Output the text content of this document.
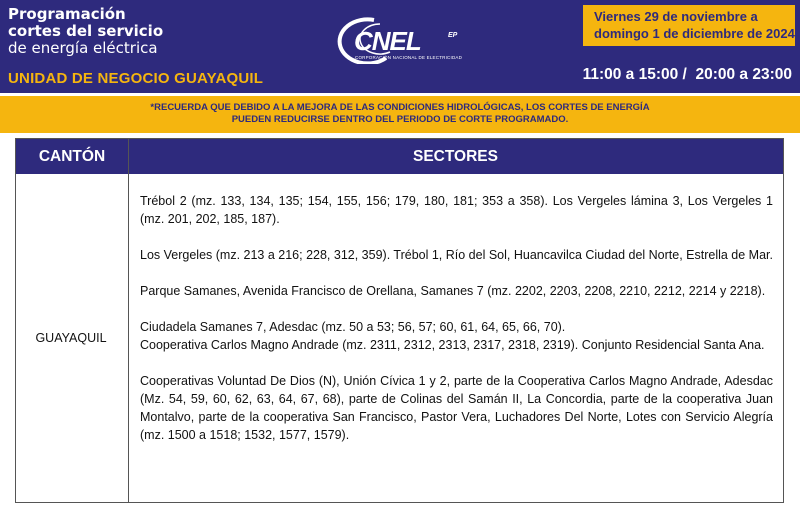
Programación
cortes del servicio
de energía eléctrica
UNIDAD DE NEGOCIO GUAYAQUIL
CNEL	EP
CORPORACIÓN NACIONAL DE ELECTRICIDAD
Viernes 29 de noviembre a
domingo 1 de diciembre de 2024
11:00 a 15:00 /  20:00 a 23:00
*RECUERDA QUE DEBIDO A LA MEJORA DE LAS CONDICIONES HIDROLÓGICAS, LOS CORTES DE ENERGÍA
PUEDEN REDUCIRSE DENTRO DEL PERIODO DE CORTE PROGRAMADO.
CANTÓN	SECTORES
GUAYAQUIL

Trébol 2 (mz. 133, 134, 135; 154, 155, 156; 179, 180, 181; 353 a 358). Los Vergeles lámina 3, Los Vergeles 1 (mz. 201, 202, 185, 187).

Los Vergeles (mz. 213 a 216; 228, 312, 359). Trébol 1, Río del Sol, Huancavilca Ciudad del Norte, Estrella de Mar.

Parque Samanes, Avenida Francisco de Orellana, Samanes 7 (mz. 2202, 2203, 2208, 2210, 2212, 2214 y 2218).

Ciudadela Samanes 7, Adesdac (mz. 50 a 53; 56, 57; 60, 61, 64, 65, 66, 70).

Cooperativa Carlos Magno Andrade (mz. 2311, 2312, 2313, 2317, 2318, 2319). Conjunto Residencial Santa Ana.

Cooperativas Voluntad De Dios (N), Unión Cívica 1 y 2, parte de la Cooperativa Carlos Magno Andrade, Adesdac (Mz. 54, 59, 60, 62, 63, 64, 67, 68), parte de Colinas del Samán II, La Concordia, parte de la cooperativa Juan Montalvo, parte de la cooperativa San Francisco, Pastor Vera, Luchadores Del Norte, Lotes con Servicio Alegría (mz. 1500 a 1518; 1532, 1577, 1579).
